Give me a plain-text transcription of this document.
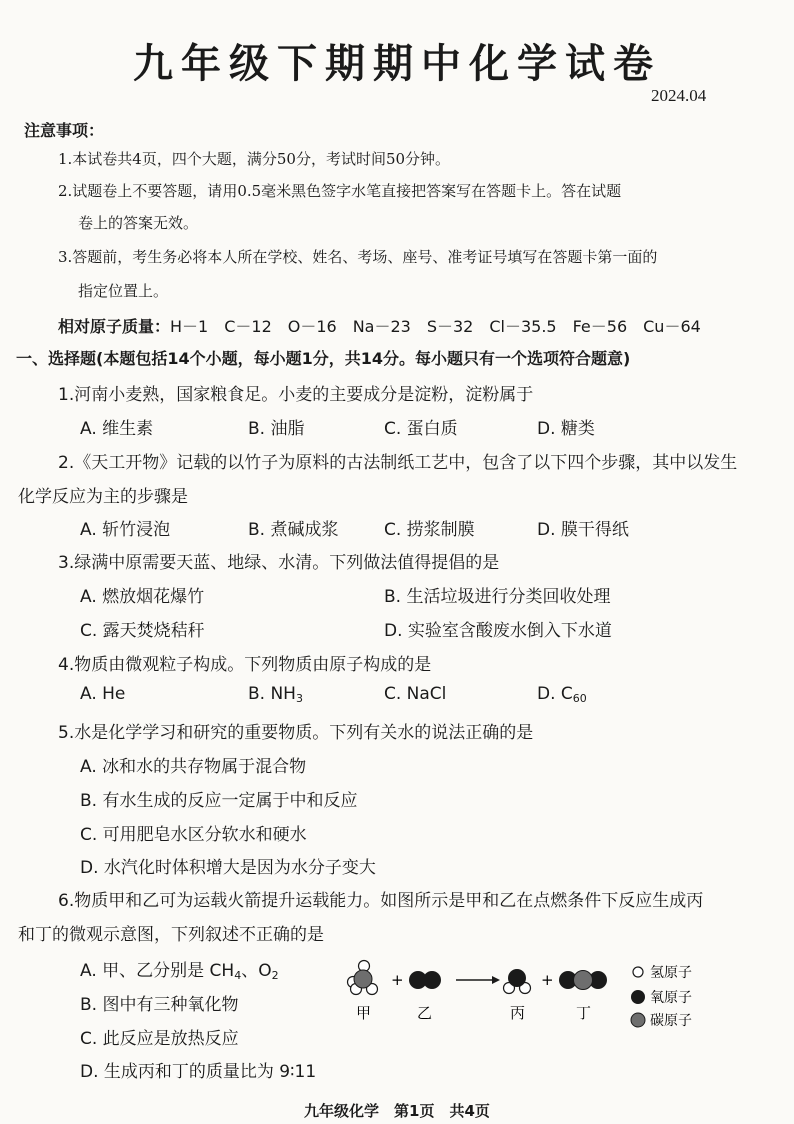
九年级下期期中化学试卷
2024.04
注意事项：
1.本试卷共4页，四个大题，满分50分，考试时间50分钟。
2.试题卷上不要答题，请用0.5毫米黑色签字水笔直接把答案写在答题卡上。答在试题
卷上的答案无效。
3.答题前，考生务必将本人所在学校、姓名、考场、座号、准考证号填写在答题卡第一面的
指定位置上。
相对原子质量：H－1　C－12　O－16　Na－23　S－32　Cl－35.5　Fe－56　Cu－64
一、选择题(本题包括14个小题，每小题1分，共14分。每小题只有一个选项符合题意)
1.河南小麦熟，国家粮食足。小麦的主要成分是淀粉，淀粉属于
A. 维生素	B. 油脂	C. 蛋白质	D. 糖类
2.《天工开物》记载的以竹子为原料的古法制纸工艺中，包含了以下四个步骤，其中以发生
化学反应为主的步骤是
A. 斩竹浸泡	B. 煮碱成浆	C. 捞浆制膜	D. 膜干得纸
3.绿满中原需要天蓝、地绿、水清。下列做法值得提倡的是
A. 燃放烟花爆竹	B. 生活垃圾进行分类回收处理
C. 露天焚烧秸秆	D. 实验室含酸废水倒入下水道
4.物质由微观粒子构成。下列物质由原子构成的是
A. He	B. $NH_3$	C. NaCl	D. $C_{60}$
5.水是化学学习和研究的重要物质。下列有关水的说法正确的是
A. 冰和水的共存物属于混合物
B. 有水生成的反应一定属于中和反应
C. 可用肥皂水区分软水和硬水
D. 水汽化时体积增大是因为水分子变大
6.物质甲和乙可为运载火箭提升运载能力。如图所示是甲和乙在点燃条件下反应生成丙
和丁的微观示意图，下列叙述不正确的是
A. 甲、乙分别是 $CH_4$、$O_2$
B. 图中有三种氧化物
C. 此反应是放热反应
D. 生成丙和丁的质量比为 9∶11
+	+
甲	乙	丙	丁
氢原子
氧原子
碳原子
九年级化学　第1页　共4页
